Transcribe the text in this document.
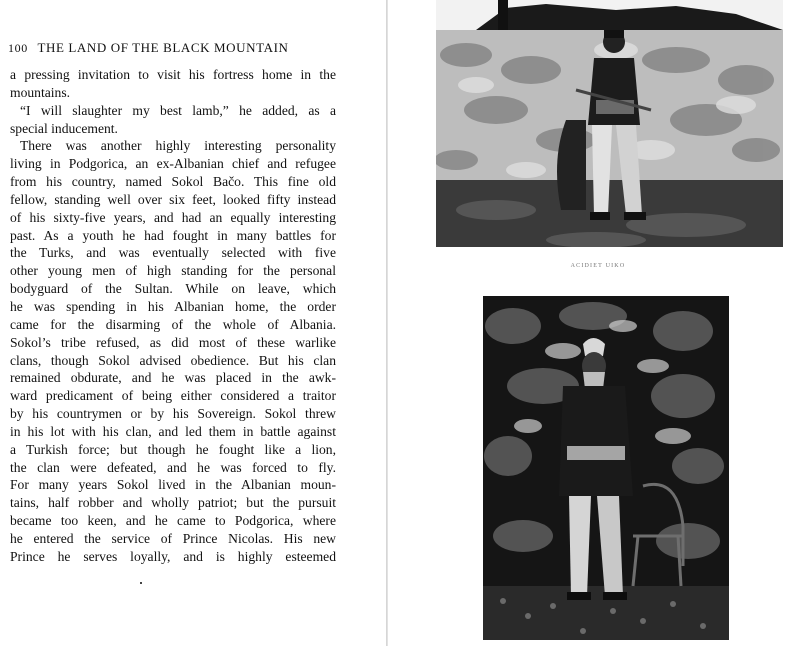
100 THE LAND OF THE BLACK MOUNTAIN
a pressing invitation to visit his fortress home in the
mountains.
“I will slaughter my best lamb,” he added, as a
special inducement.
There was another highly interesting personality
living in Podgorica, an ex-Albanian chief and refugee
from his country, named Sokol Bačo. This fine old
fellow, standing well over six feet, looked fifty instead
of his sixty-five years, and had an equally interesting
past. As a youth he had fought in many battles for
the Turks, and was eventually selected with five
other young men of high standing for the personal
bodyguard of the Sultan. While on leave, which
he was spending in his Albanian home, the order
came for the disarming of the whole of Albania.
Sokol’s tribe refused, as did most of these warlike
clans, though Sokol advised obedience. But his clan
remained obdurate, and he was placed in the awk-
ward predicament of being either considered a traitor
by his countrymen or by his Sovereign. Sokol threw
in his lot with his clan, and led them in battle against
a Turkish force; but though he fought like a lion,
the clan were defeated, and he was forced to fly.
For many years Sokol lived in the Albanian moun-
tains, half robber and wholly patriot; but the pursuit
became too keen, and he came to Podgorica, where
he entered the service of Prince Nicolas. His new
Prince he serves loyally, and is highly esteemed
ACIDIET UIKO
